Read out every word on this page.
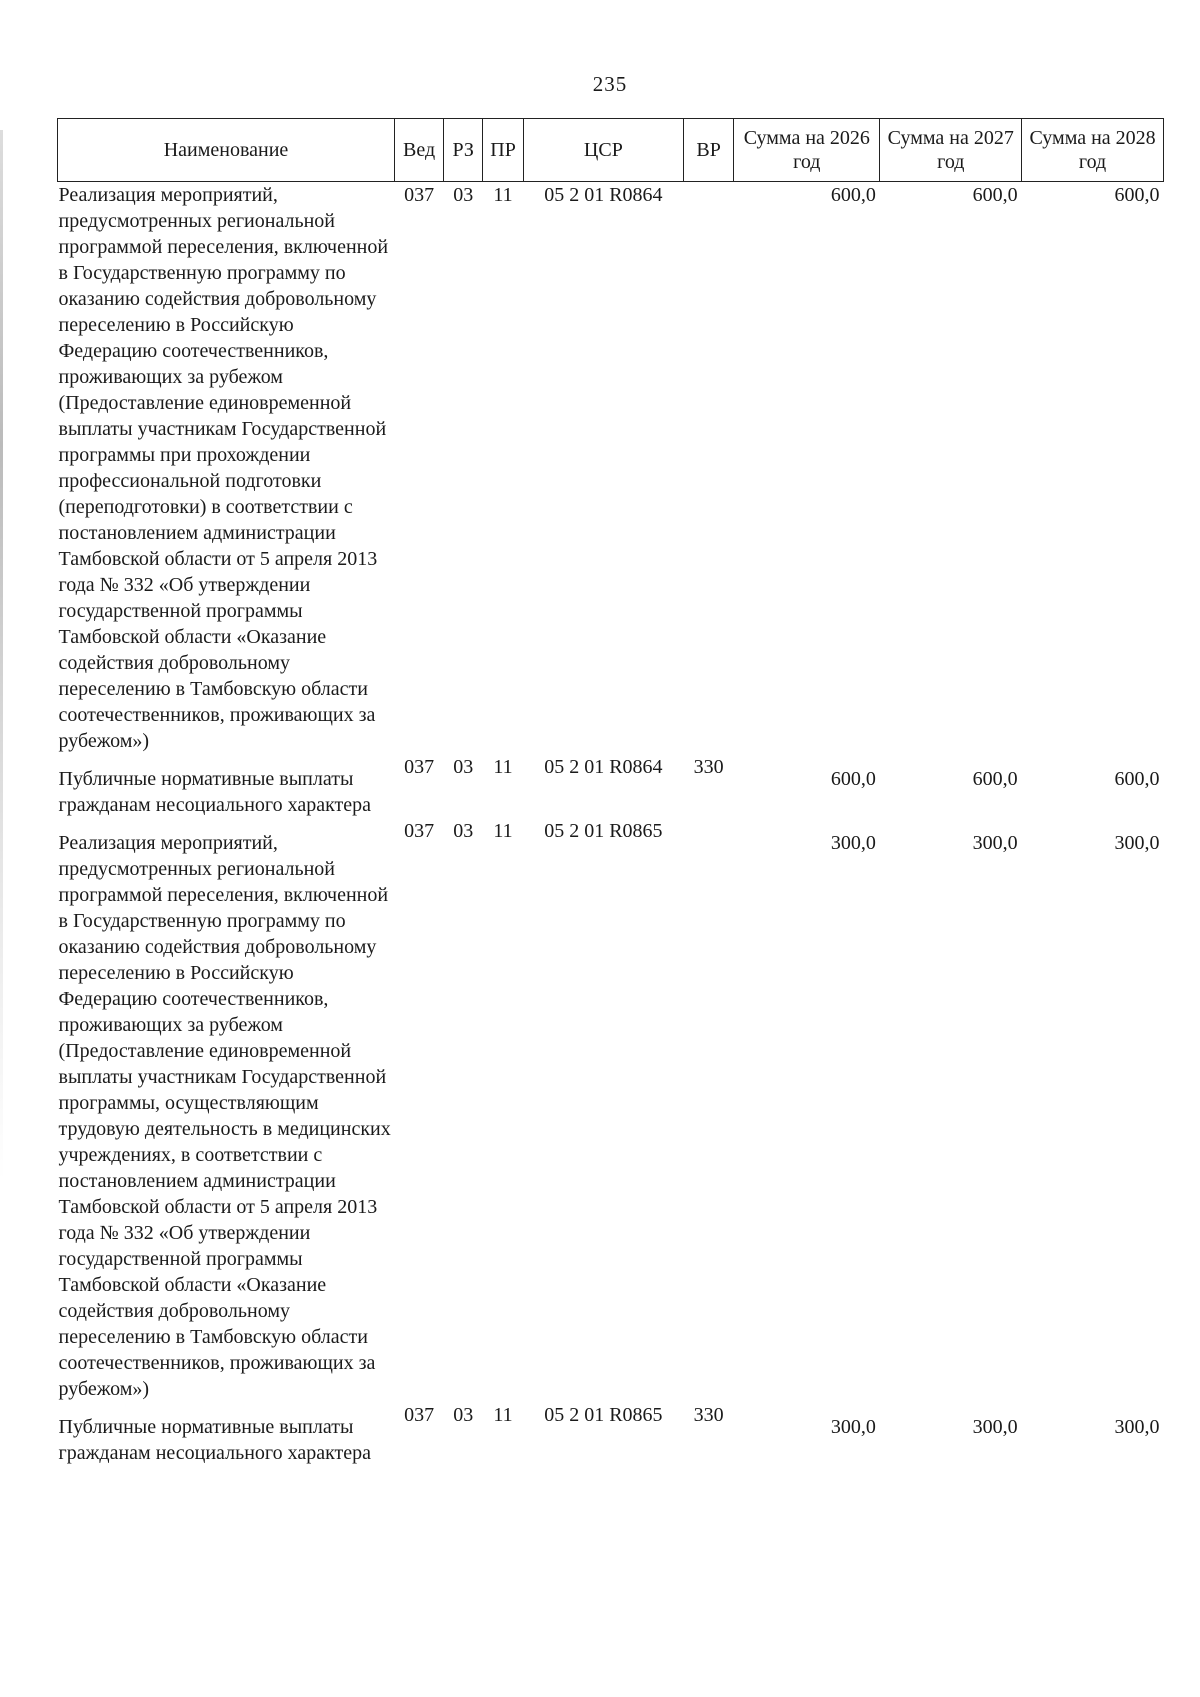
235
Наименование	Вед	РЗ	ПР	ЦСР	ВР	Сумма на 2026 год	Сумма на 2027 год	Сумма на 2028 год
Реализация мероприятий, предусмотренных региональной программой переселения, включенной в Государственную программу по оказанию содействия добровольному переселению в Российскую Федерацию соотечественников, проживающих за рубежом (Предоставление единовременной выплаты участникам Государственной программы при прохождении профессиональной подготовки (переподготовки) в соответствии с постановлением администрации Тамбовской области от 5 апреля 2013 года № 332 «Об утверждении государственной программы Тамбовской области «Оказание содействия добровольному переселению в Тамбовскую области соотечественников, проживающих за рубежом»)	037	03	11	05 2 01 R0864		600,0	600,0	600,0
Публичные нормативные выплаты гражданам несоциального характера	037	03	11	05 2 01 R0864	330	600,0	600,0	600,0
Реализация мероприятий, предусмотренных региональной программой переселения, включенной в Государственную программу по оказанию содействия добровольному переселению в Российскую Федерацию соотечественников, проживающих за рубежом (Предоставление единовременной выплаты участникам Государственной программы, осуществляющим трудовую деятельность в медицинских учреждениях, в соответствии с постановлением администрации Тамбовской области от 5 апреля 2013 года № 332 «Об утверждении государственной программы Тамбовской области «Оказание содействия добровольному переселению в Тамбовскую области соотечественников, проживающих за рубежом»)	037	03	11	05 2 01 R0865		300,0	300,0	300,0
Публичные нормативные выплаты гражданам несоциального характера	037	03	11	05 2 01 R0865	330	300,0	300,0	300,0
